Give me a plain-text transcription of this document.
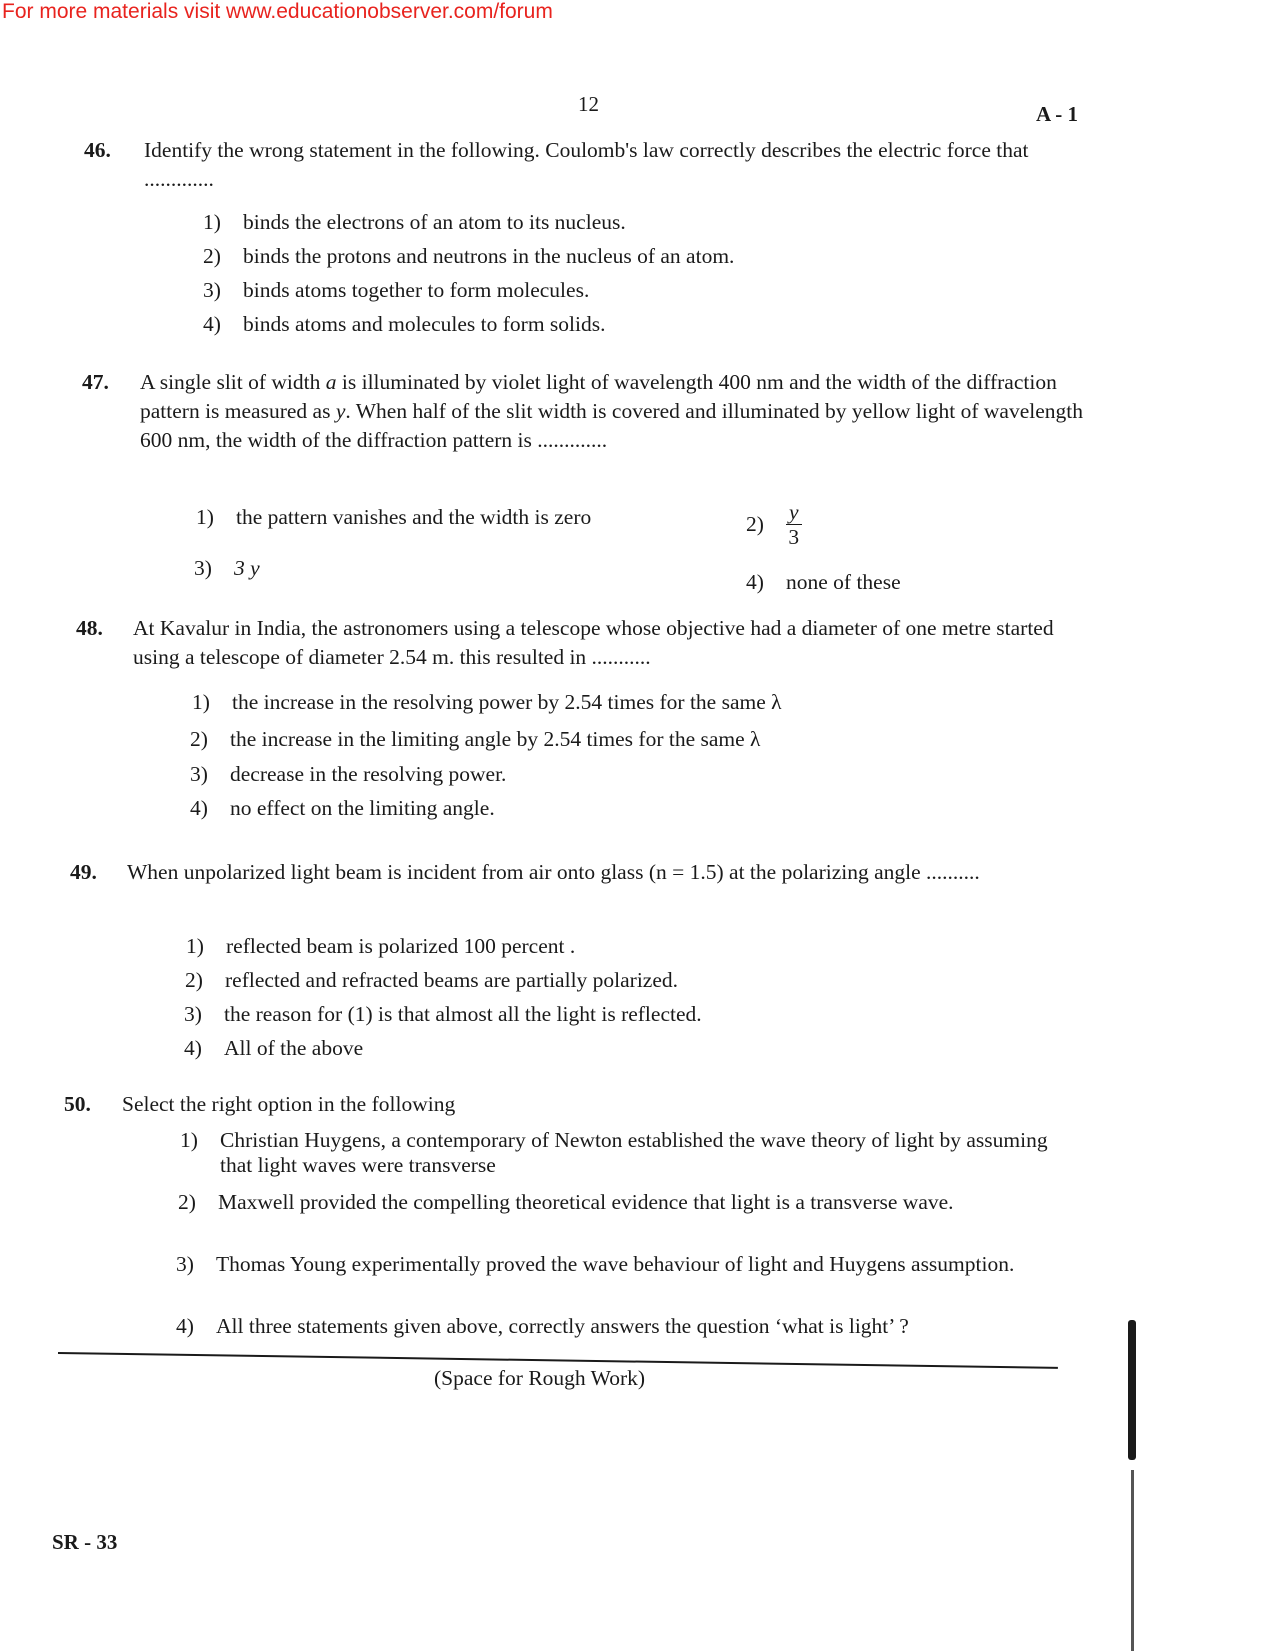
For more materials visit www.educationobserver.com/forum
12	A - 1
46. Identify the wrong statement in the following. Coulomb's law correctly describes the electric force that .............
1) binds the electrons of an atom to its nucleus.
2) binds the protons and neutrons in the nucleus of an atom.
3) binds atoms together to form molecules.
4) binds atoms and molecules to form solids.
47. A single slit of width a is illuminated by violet light of wavelength 400 nm and the width of the diffraction pattern is measured as y. When half of the slit width is covered and illuminated by yellow light of wavelength 600 nm, the width of the diffraction pattern is .............
1) the pattern vanishes and the width is zero	$2) \frac{y}{3}$
3) 3 y
4) none of these
48. At Kavalur in India, the astronomers using a telescope whose objective had a diameter of one metre started using a telescope of diameter 2.54 m. this resulted in ...........
1) the increase in the resolving power by 2.54 times for the same λ
2) the increase in the limiting angle by 2.54 times for the same λ
3) decrease in the resolving power.
4) no effect on the limiting angle.
49. When unpolarized light beam is incident from air onto glass (n = 1.5) at the polarizing angle ..........
1) reflected beam is polarized 100 percent .
2) reflected and refracted beams are partially polarized.
3) the reason for (1) is that almost all the light is reflected.
4) All of the above
50. Select the right option in the following
1) Christian Huygens, a contemporary of Newton established the wave theory of light by assuming that light waves were transverse
2) Maxwell provided the compelling theoretical evidence that light is a transverse wave.
3) Thomas Young experimentally proved the wave behaviour of light and Huygens assumption.
4) All three statements given above, correctly answers the question ‘what is light’ ?
(Space for Rough Work)
SR - 33
